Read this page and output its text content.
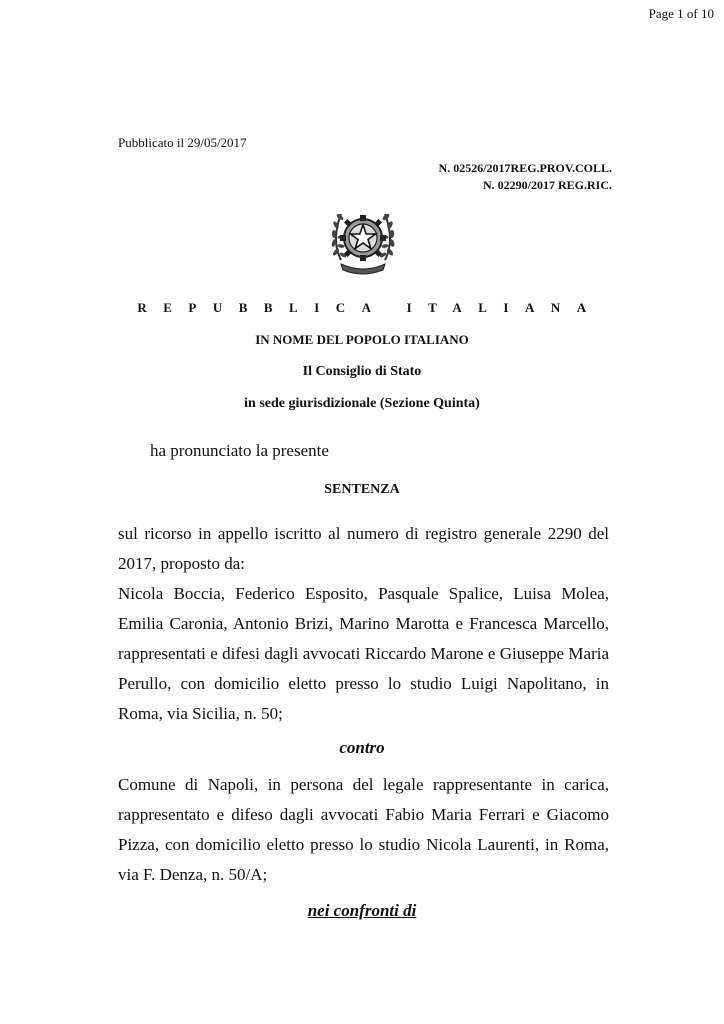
Page 1 of 10
Pubblicato il 29/05/2017
N. 02526/2017REG.PROV.COLL.
N. 02290/2017 REG.RIC.
REPUBBLICA ITALIANA
IN NOME DEL POPOLO ITALIANO
Il Consiglio di Stato
in sede giurisdizionale (Sezione Quinta)
ha pronunciato la presente
SENTENZA
sul ricorso in appello iscritto al numero di registro generale 2290 del 2017, proposto da:
Nicola Boccia, Federico Esposito, Pasquale Spalice, Luisa Molea, Emilia Caronia, Antonio Brizi, Marino Marotta e Francesca Marcello, rappresentati e difesi dagli avvocati Riccardo Marone e Giuseppe Maria Perullo, con domicilio eletto presso lo studio Luigi Napolitano, in Roma, via Sicilia, n. 50;
contro
Comune di Napoli, in persona del legale rappresentante in carica, rappresentato e difeso dagli avvocati Fabio Maria Ferrari e Giacomo Pizza, con domicilio eletto presso lo studio Nicola Laurenti, in Roma, via F. Denza, n. 50/A;
nei confronti di
